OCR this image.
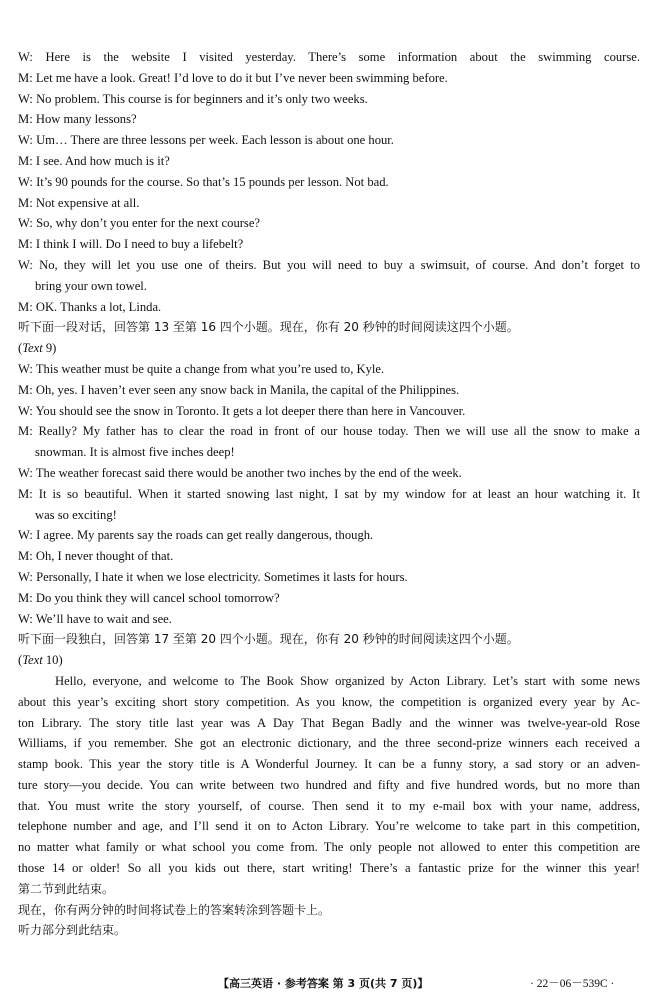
W: Here is the website I visited yesterday. There’s some information about the swimming course.
M: Let me have a look. Great! I’d love to do it but I’ve never been swimming before.
W: No problem. This course is for beginners and it’s only two weeks.
M: How many lessons?
W: Um… There are three lessons per week. Each lesson is about one hour.
M: I see. And how much is it?
W: It’s 90 pounds for the course. So that’s 15 pounds per lesson. Not bad.
M: Not expensive at all.
W: So, why don’t you enter for the next course?
M: I think I will. Do I need to buy a lifebelt?
W: No, they will let you use one of theirs. But you will need to buy a swimsuit, of course. And don’t forget to
bring your own towel.
M: OK. Thanks a lot, Linda.
听下面一段对话，回答第 13 至第 16 四个小题。现在，你有 20 秒钟的时间阅读这四个小题。
(Text 9)
W: This weather must be quite a change from what you’re used to, Kyle.
M: Oh, yes. I haven’t ever seen any snow back in Manila, the capital of the Philippines.
W: You should see the snow in Toronto. It gets a lot deeper there than here in Vancouver.
M: Really? My father has to clear the road in front of our house today. Then we will use all the snow to make a
snowman. It is almost five inches deep!
W: The weather forecast said there would be another two inches by the end of the week.
M: It is so beautiful. When it started snowing last night, I sat by my window for at least an hour watching it. It
was so exciting!
W: I agree. My parents say the roads can get really dangerous, though.
M: Oh, I never thought of that.
W: Personally, I hate it when we lose electricity. Sometimes it lasts for hours.
M: Do you think they will cancel school tomorrow?
W: We’ll have to wait and see.
听下面一段独白，回答第 17 至第 20 四个小题。现在，你有 20 秒钟的时间阅读这四个小题。
(Text 10)
Hello, everyone, and welcome to The Book Show organized by Acton Library. Let’s start with some news
about this year’s exciting short story competition. As you know, the competition is organized every year by Ac-
ton Library. The story title last year was A Day That Began Badly and the winner was twelve-year-old Rose
Williams, if you remember. She got an electronic dictionary, and the three second-prize winners each received a
stamp book. This year the story title is A Wonderful Journey. It can be a funny story, a sad story or an adven-
ture story—you decide. You can write between two hundred and fifty and five hundred words, but no more than
that. You must write the story yourself, of course. Then send it to my e-mail box with your name, address,
telephone number and age, and I’ll send it on to Acton Library. You’re welcome to take part in this competition,
no matter what family or what school you come from. The only people not allowed to enter this competition are
those 14 or older! So all you kids out there, start writing! There’s a fantastic prize for the winner this year!
第二节到此结束。
现在，你有两分钟的时间将试卷上的答案转涂到答题卡上。
听力部分到此结束。
【高三英语 · 参考答案 第 3 页(共 7 页)】	· 22－06－539C ·
